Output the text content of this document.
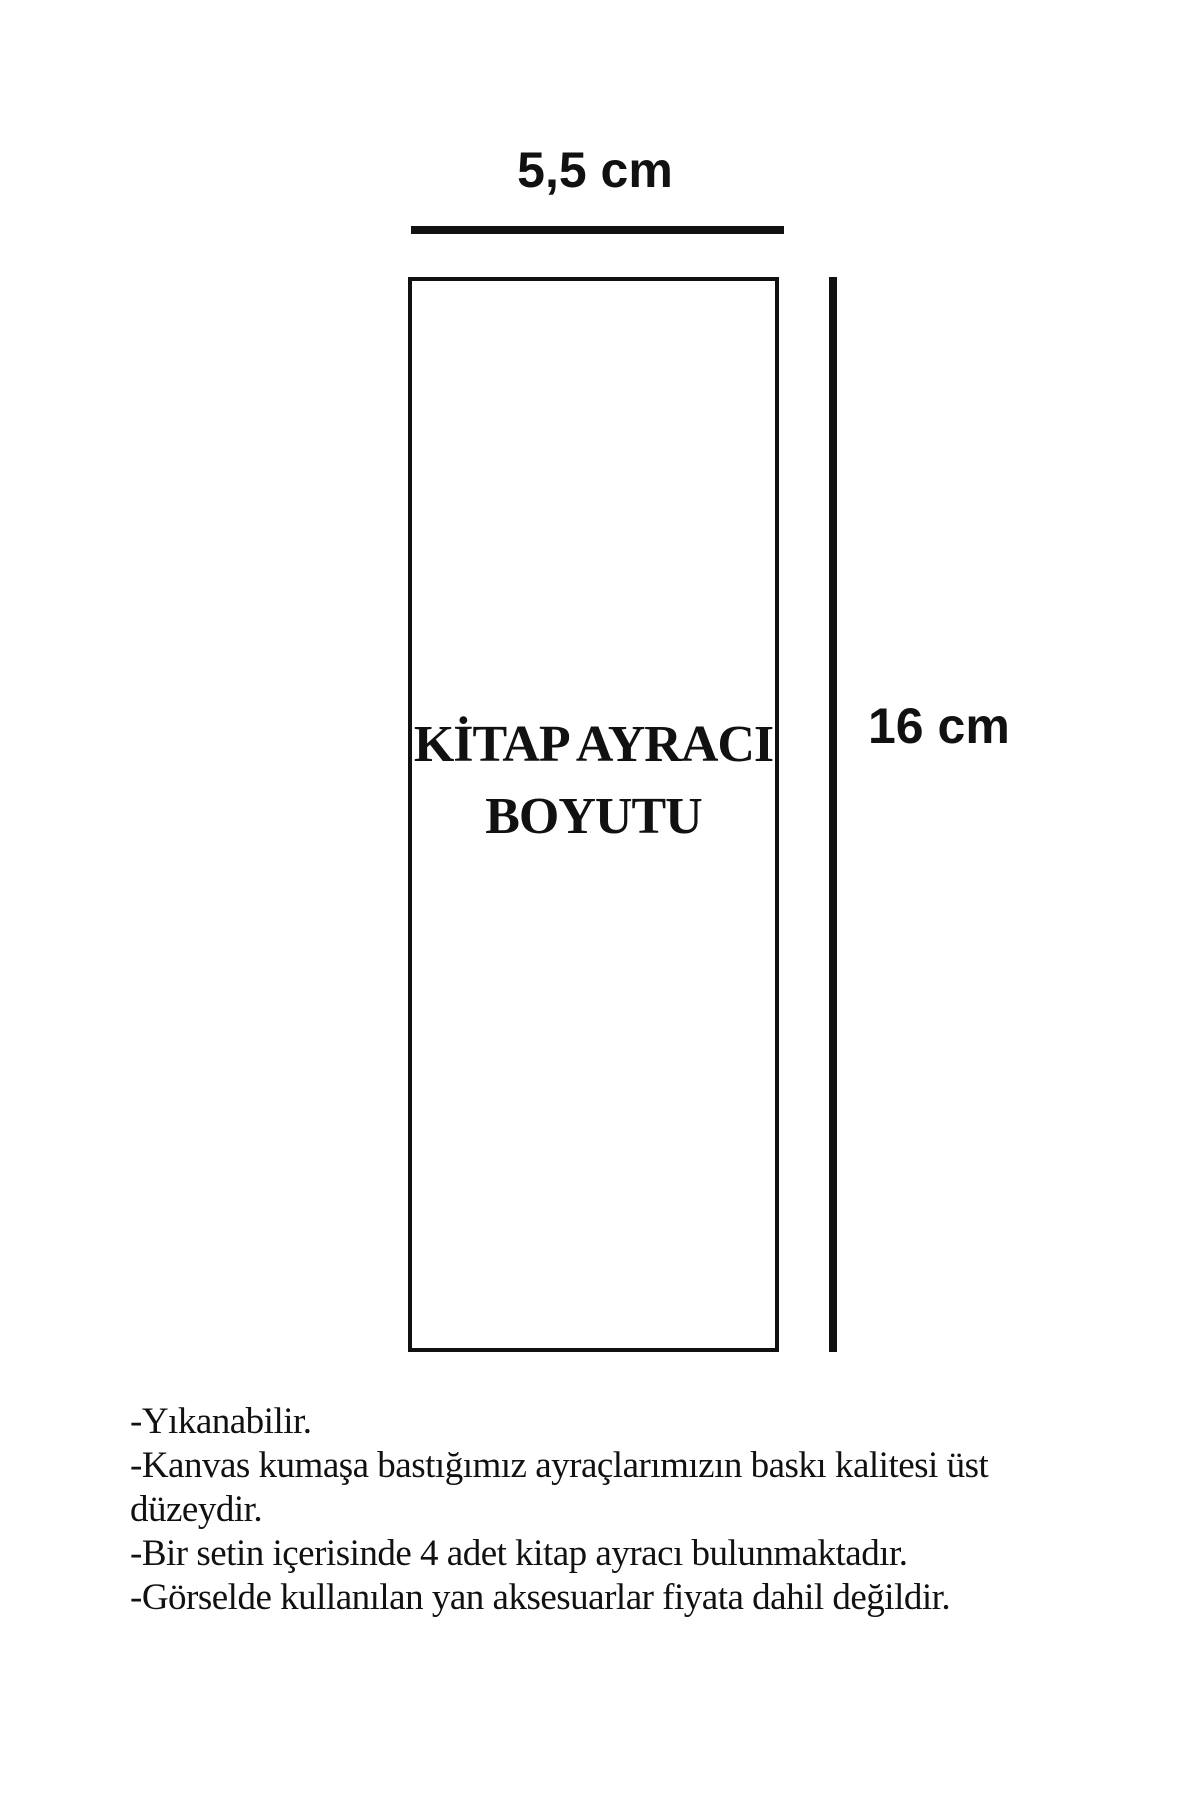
5,5 cm
KİTAP AYRACI
BOYUTU
16 cm
-Yıkanabilir.
-Kanvas kumaşa bastığımız ayraçlarımızın baskı kalitesi üst düzeydir.
-Bir setin içerisinde 4 adet kitap ayracı bulunmaktadır.
-Görselde kullanılan yan aksesuarlar fiyata dahil değildir.
